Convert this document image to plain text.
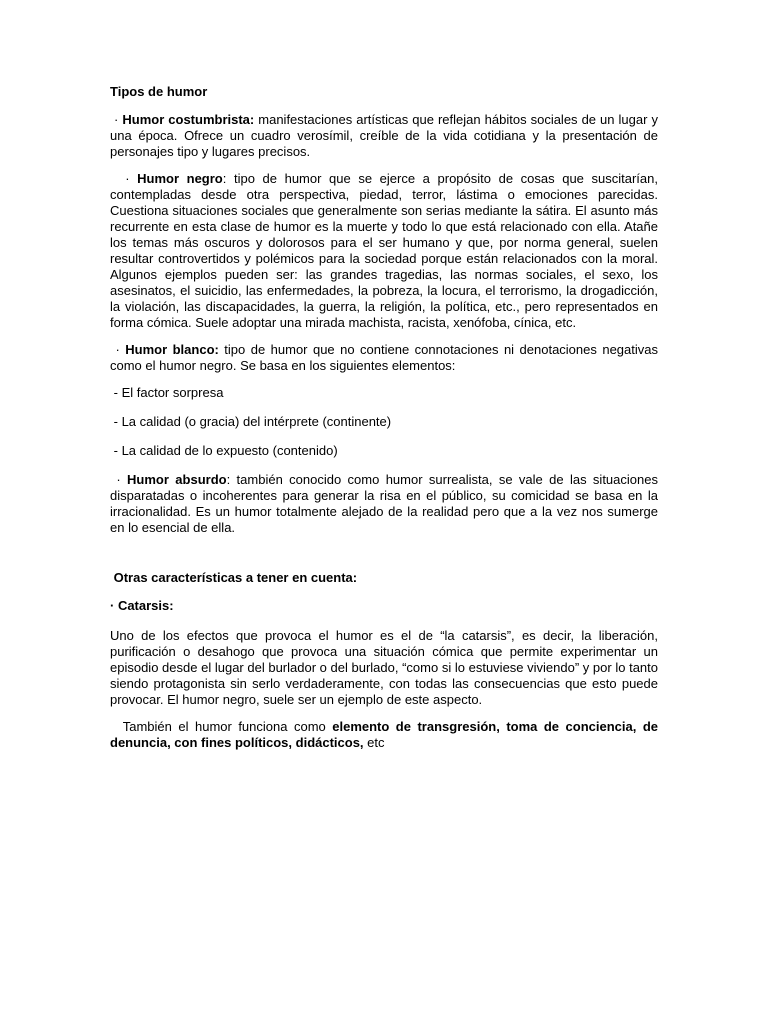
Tipos de humor

· Humor costumbrista: manifestaciones artísticas que reflejan hábitos sociales de un lugar y una época. Ofrece un cuadro verosímil, creíble de la vida cotidiana y la presentación de personajes tipo y lugares precisos.

· Humor negro: tipo de humor que se ejerce a propósito de cosas que suscitarían, contempladas desde otra perspectiva, piedad, terror, lástima o emociones parecidas. Cuestiona situaciones sociales que generalmente son serias mediante la sátira. El asunto más recurrente en esta clase de humor es la muerte y todo lo que está relacionado con ella. Atañe los temas más oscuros y dolorosos para el ser humano y que, por norma general, suelen resultar controvertidos y polémicos para la sociedad porque están relacionados con la moral. Algunos ejemplos pueden ser: las grandes tragedias, las normas sociales, el sexo, los asesinatos, el suicidio, las enfermedades, la pobreza, la locura, el terrorismo, la drogadicción, la violación, las discapacidades, la guerra, la religión, la política, etc., pero representados en forma cómica. Suele adoptar una mirada machista, racista, xenófoba, cínica, etc.

· Humor blanco: tipo de humor que no contiene connotaciones ni denotaciones negativas como el humor negro. Se basa en los siguientes elementos:

- El factor sorpresa

- La calidad (o gracia) del intérprete (continente)

- La calidad de lo expuesto (contenido)

· Humor absurdo: también conocido como humor surrealista, se vale de las situaciones disparatadas o incoherentes para generar la risa en el público, su comicidad se basa en la irracionalidad. Es un humor totalmente alejado de la realidad pero que a la vez nos sumerge en lo esencial de ella.

Otras características a tener en cuenta:
· Catarsis:

Uno de los efectos que provoca el humor es el de “la catarsis”, es decir, la liberación, purificación o desahogo que provoca una situación cómica que permite experimentar un episodio desde el lugar del burlador o del burlado, “como si lo estuviese viviendo” y por lo tanto siendo protagonista sin serlo verdaderamente, con todas las consecuencias que esto puede provocar. El humor negro, suele ser un ejemplo de este aspecto.

También el humor funciona como elemento de transgresión, toma de conciencia, de denuncia, con fines políticos, didácticos, etc
